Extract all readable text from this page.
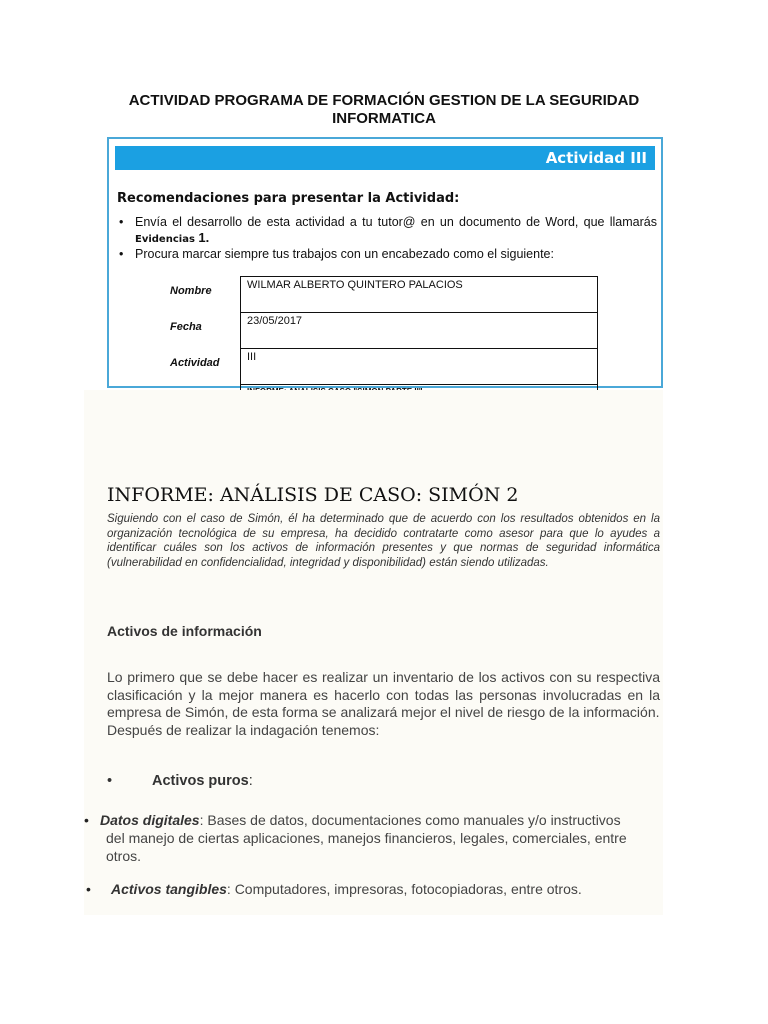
ACTIVIDAD PROGRAMA DE FORMACIÓN GESTION DE LA SEGURIDAD INFORMATICA
Actividad III
Recomendaciones para presentar la Actividad:
• Envía el desarrollo de esta actividad a tu tutor@ en un documento de Word, que llamarás Evidencias 1.
• Procura marcar siempre tus trabajos con un encabezado como el siguiente:
Nombre	WILMAR ALBERTO QUINTERO PALACIOS
Fecha	23/05/2017
Actividad	III

INFORME: ANÁLISIS DE CASO: SIMÓN 2
Siguiendo con el caso de Simón, él ha determinado que de acuerdo con los resultados obtenidos en la organización tecnológica de su empresa, ha decidido contratarte como asesor para que lo ayudes a identificar cuáles son los activos de información presentes y que normas de seguridad informática (vulnerabilidad en confidencialidad, integridad y disponibilidad) están siendo utilizadas.
Activos de información
Lo primero que se debe hacer es realizar un inventario de los activos con su respectiva clasificación y la mejor manera es hacerlo con todas las personas involucradas en la empresa de Simón, de esta forma se analizará mejor el nivel de riesgo de la información.
Después de realizar la indagación tenemos:
•	Activos puros:
• Datos digitales: Bases de datos, documentaciones como manuales y/o instructivos
del manejo de ciertas aplicaciones, manejos financieros, legales, comerciales, entre otros.
•	Activos tangibles: Computadores, impresoras, fotocopiadoras, entre otros.
